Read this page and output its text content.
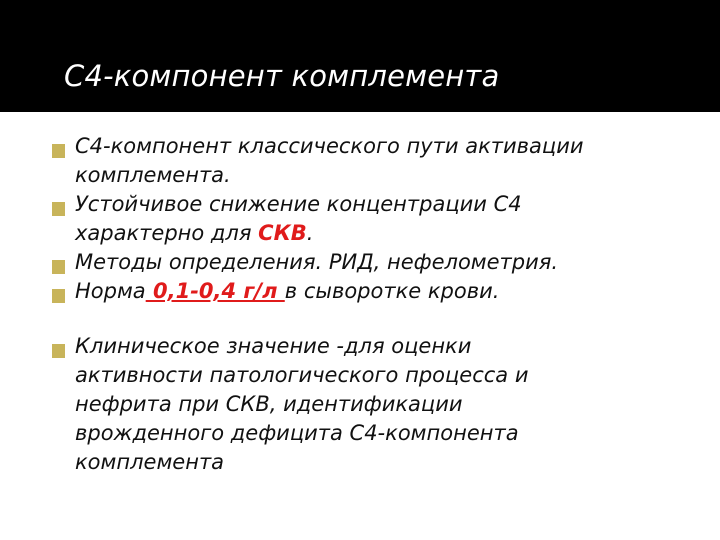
С4-компонент комплемента
С4-компонент классического пути активации
комплемента.
Устойчивое снижение концентрации С4
характерно для СКВ.
Методы определения. РИД, нефелометрия.
Норма 0,1-0,4 г/л в сыворотке крови.
Клиническое значение -для оценки
активности патологического процесса и
нефрита при СКВ, идентификации
врожденного дефицита С4-компонента
комплемента
